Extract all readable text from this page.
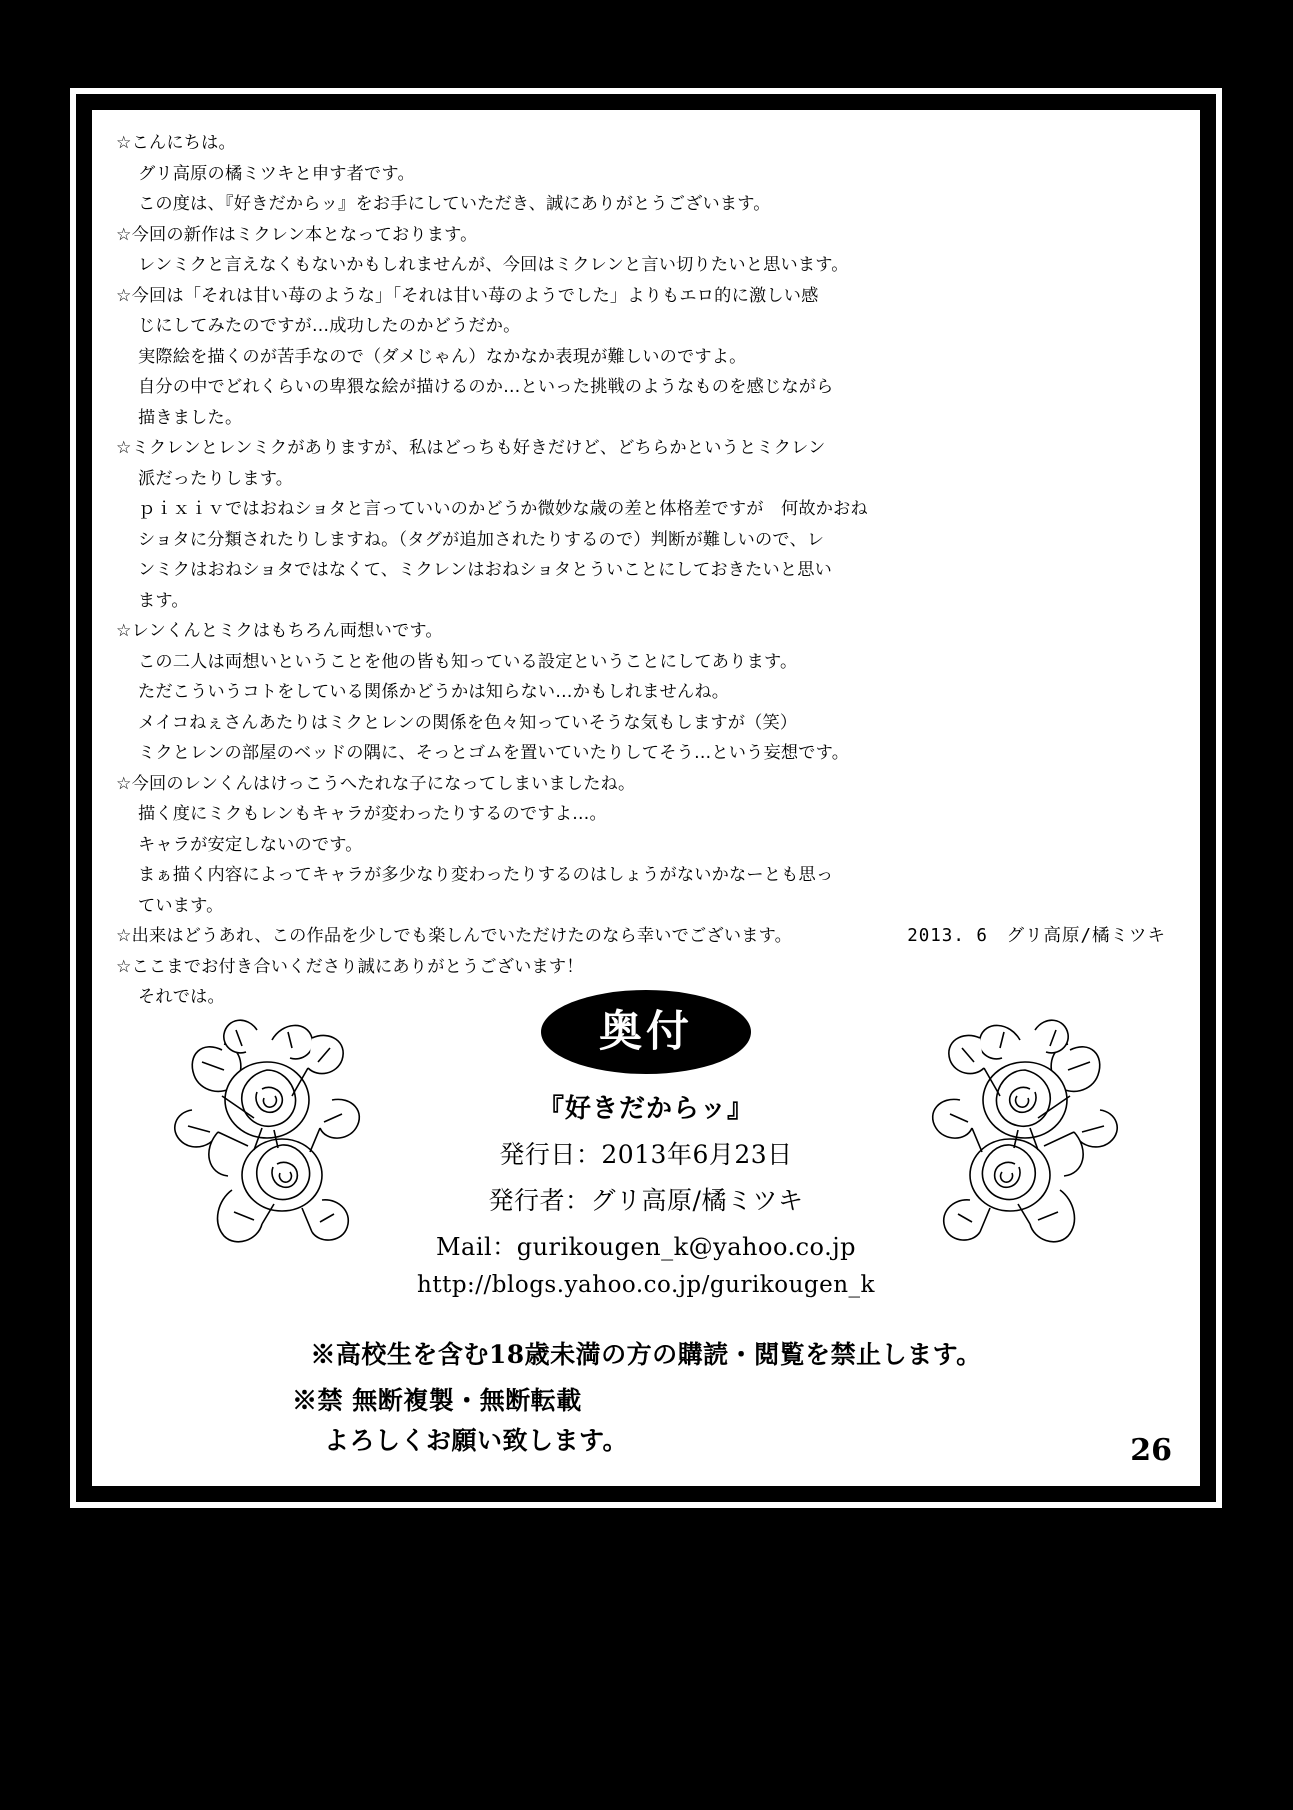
☆こんにちは。

グリ高原の橘ミツキと申す者です。

この度は、『好きだからッ』をお手にしていただき、誠にありがとうございます。

☆今回の新作はミクレン本となっております。

レンミクと言えなくもないかもしれませんが、今回はミクレンと言い切りたいと思います。

☆今回は「それは甘い苺のような」「それは甘い苺のようでした」よりもエロ的に激しい感

じにしてみたのですが…成功したのかどうだか。

実際絵を描くのが苦手なので（ダメじゃん）なかなか表現が難しいのですよ。

自分の中でどれくらいの卑猥な絵が描けるのか…といった挑戦のようなものを感じながら

描きました。

☆ミクレンとレンミクがありますが、私はどっちも好きだけど、どちらかというとミクレン

派だったりします。

ｐｉｘｉｖではおねショタと言っていいのかどうか微妙な歳の差と体格差ですが　何故かおね

ショタに分類されたりしますね。（タグが追加されたりするので）判断が難しいので、レ

ンミクはおねショタではなくて、ミクレンはおねショタとういことにしておきたいと思い

ます。

☆レンくんとミクはもちろん両想いです。

この二人は両想いということを他の皆も知っている設定ということにしてあります。

ただこういうコトをしている関係かどうかは知らない…かもしれませんね。

メイコねぇさんあたりはミクとレンの関係を色々知っていそうな気もしますが（笑）

ミクとレンの部屋のベッドの隅に、そっとゴムを置いていたりしてそう…という妄想です。

☆今回のレンくんはけっこうへたれな子になってしまいましたね。

描く度にミクもレンもキャラが変わったりするのですよ…。

キャラが安定しないのです。

まぁ描く内容によってキャラが多少なり変わったりするのはしょうがないかなーとも思っ

ています。

☆出来はどうあれ、この作品を少しでも楽しんでいただけたのなら幸いでございます。

☆ここまでお付き合いくださり誠にありがとうございます！

それでは。

2013. 6　グリ高原/橘ミツキ
奥付
『好きだからッ』
発行日：2013年6月23日
発行者：グリ高原/橘ミツキ
Mail：gurikougen_k@yahoo.co.jp
http://blogs.yahoo.co.jp/gurikougen_k
※高校生を含む18歳未満の方の購読・閲覧を禁止します。
※禁 無断複製・無断転載
よろしくお願い致します。	26
